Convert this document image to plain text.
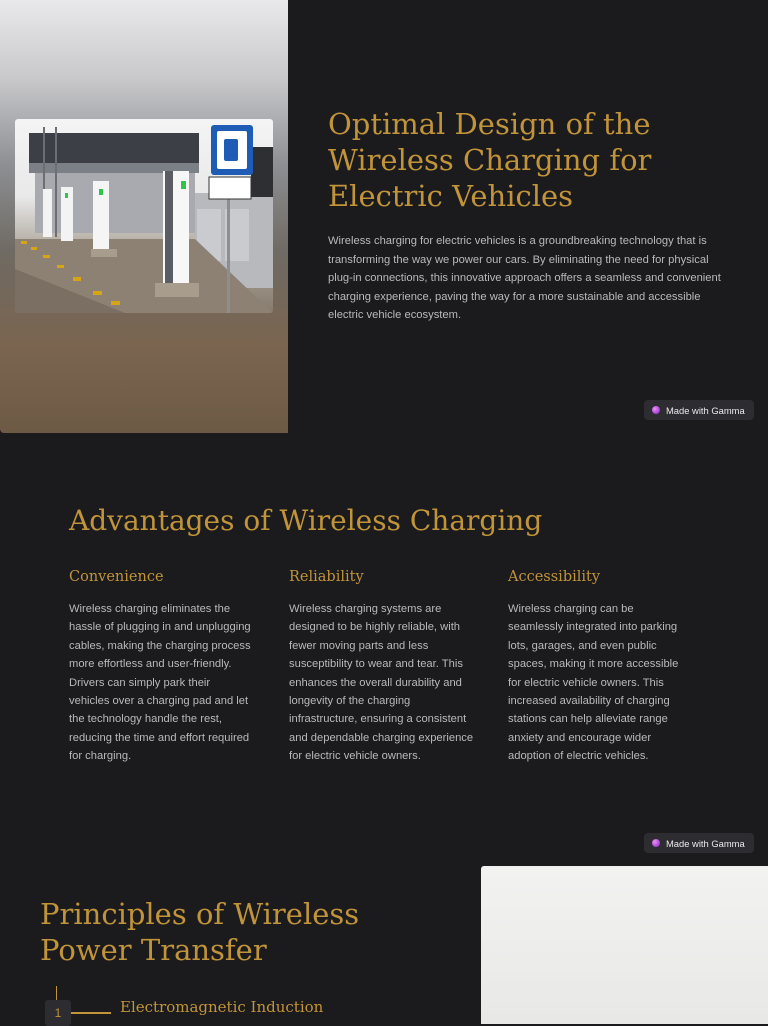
Optimal Design of the Wireless Charging for Electric Vehicles

Wireless charging for electric vehicles is a groundbreaking technology that is transforming the way we power our cars. By eliminating the need for physical plug-in connections, this innovative approach offers a seamless and convenient charging experience, paving the way for a more sustainable and accessible electric vehicle ecosystem.

Made with Gamma
Advantages of Wireless Charging
Convenience

Wireless charging eliminates the hassle of plugging in and unplugging cables, making the charging process more effortless and user-friendly. Drivers can simply park their vehicles over a charging pad and let the technology handle the rest, reducing the time and effort required for charging.

Reliability

Wireless charging systems are designed to be highly reliable, with fewer moving parts and less susceptibility to wear and tear. This enhances the overall durability and longevity of the charging infrastructure, ensuring a consistent and dependable charging experience for electric vehicle owners.

Accessibility

Wireless charging can be seamlessly integrated into parking lots, garages, and even public spaces, making it more accessible for electric vehicle owners. This increased availability of charging stations can help alleviate range anxiety and encourage wider adoption of electric vehicles.

Made with Gamma
Principles of Wireless Power Transfer
1	Electromagnetic Induction
